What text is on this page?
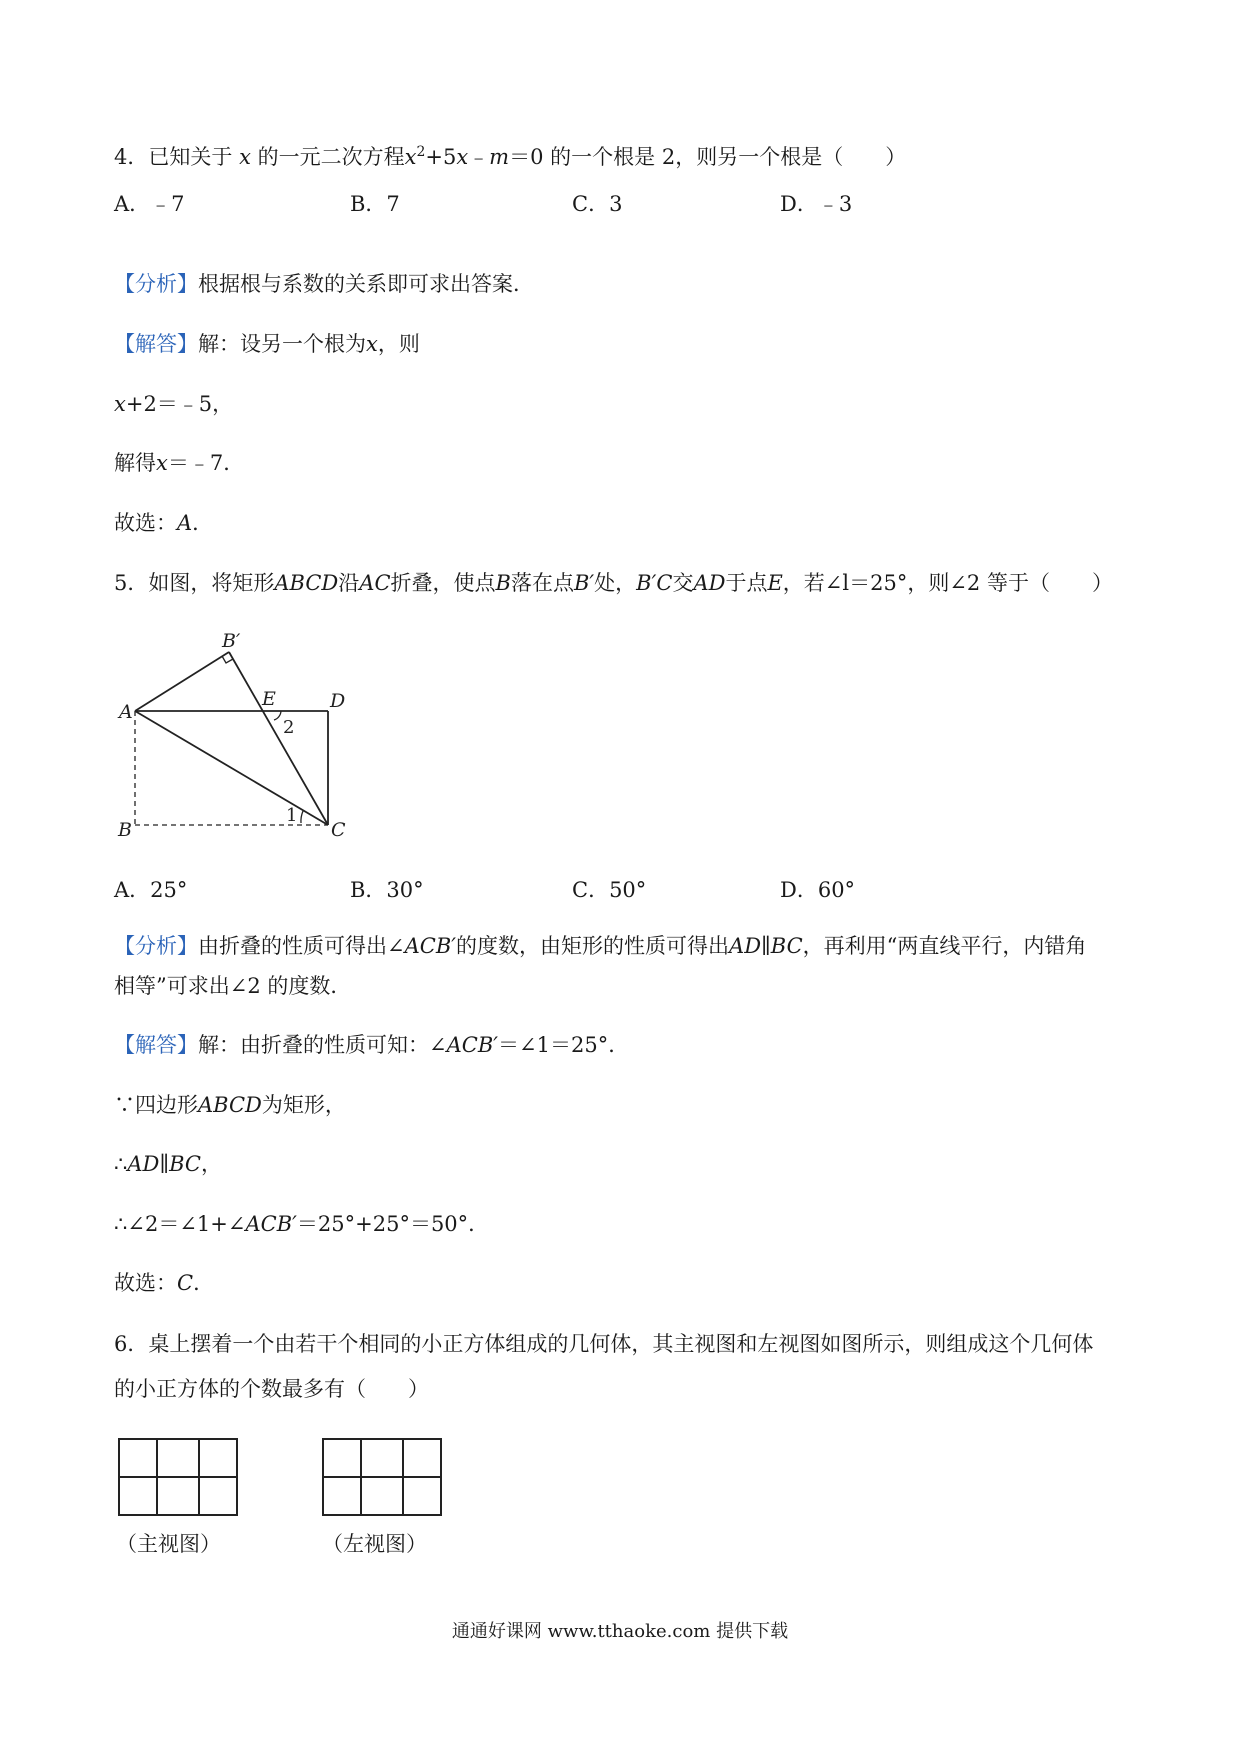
4．已知关于 x 的一元二次方程$x^2+5x﹣m=0$ 的一个根是 2，则另一个根是（　　）
A．﹣7	B．7	C．3	D．﹣3
【分析】根据根与系数的关系即可求出答案．
【解答】解：设另一个根为x，则
x+2＝﹣5，
解得x＝﹣7．
故选：A．
5．如图，将矩形ABCD沿AC折叠，使点B落在点B′处，B′C交AD于点E，若∠l＝25°，则∠2 等于（　　）
B′
A
E	D
2
1
B	C
A．25°	B．30°	C．50°	D．60°
【分析】由折叠的性质可得出∠ACB′的度数，由矩形的性质可得出AD∥BC，再利用“两直线平行，内错角
相等”可求出∠2 的度数．
【解答】解：由折叠的性质可知：∠ACB′＝∠1＝25°．
∵四边形ABCD为矩形，
∴AD∥BC，
∴∠2＝∠1+∠ACB′＝25°+25°＝50°．
故选：C．
6．桌上摆着一个由若干个相同的小正方体组成的几何体，其主视图和左视图如图所示，则组成这个几何体
的小正方体的个数最多有（　　）
（主视图）	（左视图）
通通好课网 www.tthaoke.com 提供下载
